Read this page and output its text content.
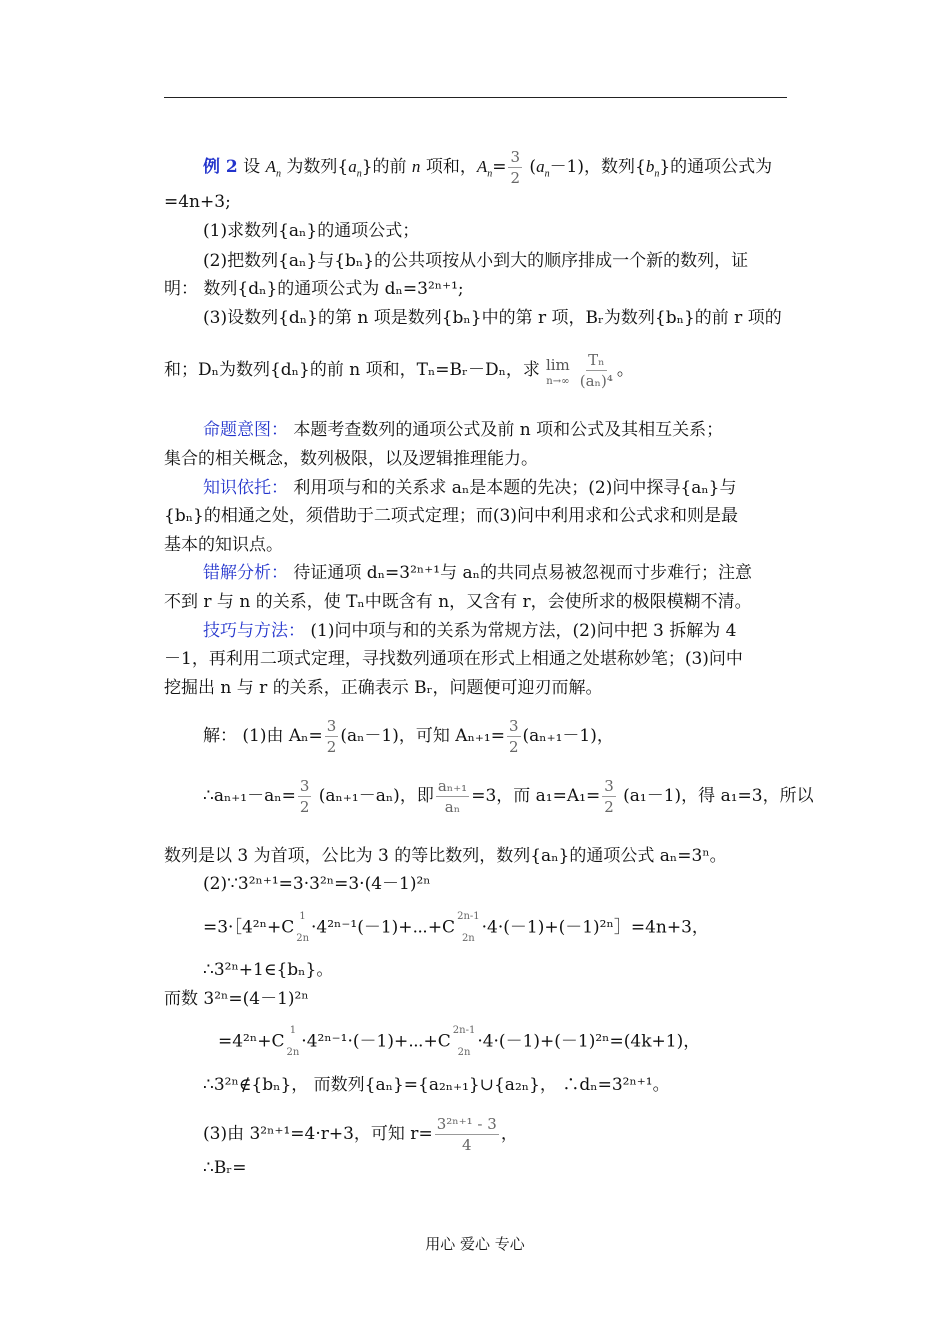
例 2 设 $A_n$ 为数列$\{a_n\}$的前 n 项和，$A_n= \frac{3}{2} (a_n-1)$，数列$\{b_n\}$的通项公式为
=4n+3;
(1)求数列{aₙ}的通项公式；
(2)把数列{aₙ}与{bₙ}的公共项按从小到大的顺序排成一个新的数列，证
明： 数列{dₙ}的通项公式为 dₙ=3²ⁿ⁺¹;
(3)设数列{dₙ}的第 n 项是数列{bₙ}中的第 r 项，Bᵣ为数列{bₙ}的前 r 项的
和；Dₙ为数列{dₙ}的前 n 项和，Tₙ=Bᵣ－Dₙ，求 lim
$n\to\infty \frac{\text{Tₙ}}{\text{(aₙ)⁴}}$ 。
命题意图： 本题考查数列的通项公式及前 n 项和公式及其相互关系；
集合的相关概念，数列极限，以及逻辑推理能力。
知识依托： 利用项与和的关系求 aₙ是本题的先决；(2)问中探寻{aₙ}与
{bₙ}的相通之处，须借助于二项式定理；而(3)问中利用求和公式求和则是最
基本的知识点。
错解分析： 待证通项 dₙ=3²ⁿ⁺¹与 aₙ的共同点易被忽视而寸步难行；注意
不到 r 与 n 的关系，使 Tₙ中既含有 n，又含有 r，会使所求的极限模糊不清。
技巧与方法： (1)问中项与和的关系为常规方法，(2)问中把 3 拆解为 4
－1，再利用二项式定理，寻找数列通项在形式上相通之处堪称妙笔；(3)问中
挖掘出 n 与 r 的关系，正确表示 Bᵣ，问题便可迎刃而解。
解： (1)由 $A_n= \frac{3}{2} (a_n-1)$，可知 $A_{n+1}= \frac{3}{2} (a_{n+1}-1)$，
∴aₙ₊₁－aₙ= $\frac{3}{2} (a_{n+1}-a_n)$，即 $\frac{\text{aₙ₊₁}}{\text{aₙ}} =3$，而 $a_1=A_1= \frac{3}{2} (a_1-1)$，得 a₁=3，所以
数列是以 3 为首项，公比为 3 的等比数列，数列{aₙ}的通项公式 aₙ=3ⁿ。
(2)∵3²ⁿ⁺¹=3·3²ⁿ=3·(4－1)²ⁿ
=3·［4²ⁿ+C
1
2n
·4²ⁿ⁻¹(－1)+⋯+C
2n-1
2n
·4·(－1)+(－1)²ⁿ］=4n+3，
∴3²ⁿ+1∈{bₙ}。
而数 3²ⁿ=(4－1)²ⁿ
=4²ⁿ+C
1
2n
·4²ⁿ⁻¹·(－1)+⋯+C
2n-1
2n
·4·(－1)+(－1)²ⁿ=(4k+1)，
∴3²ⁿ∉{bₙ}， 而数列{aₙ}={a₂ₙ₊₁}∪{a₂ₙ}， ∴dₙ=3²ⁿ⁺¹。
(3)由 3²ⁿ⁺¹=4·r+3，可知 $r= \frac{\text{3²ⁿ⁺¹ - 3}}{4}$ ，
∴Bᵣ=
用心 爱心 专心
